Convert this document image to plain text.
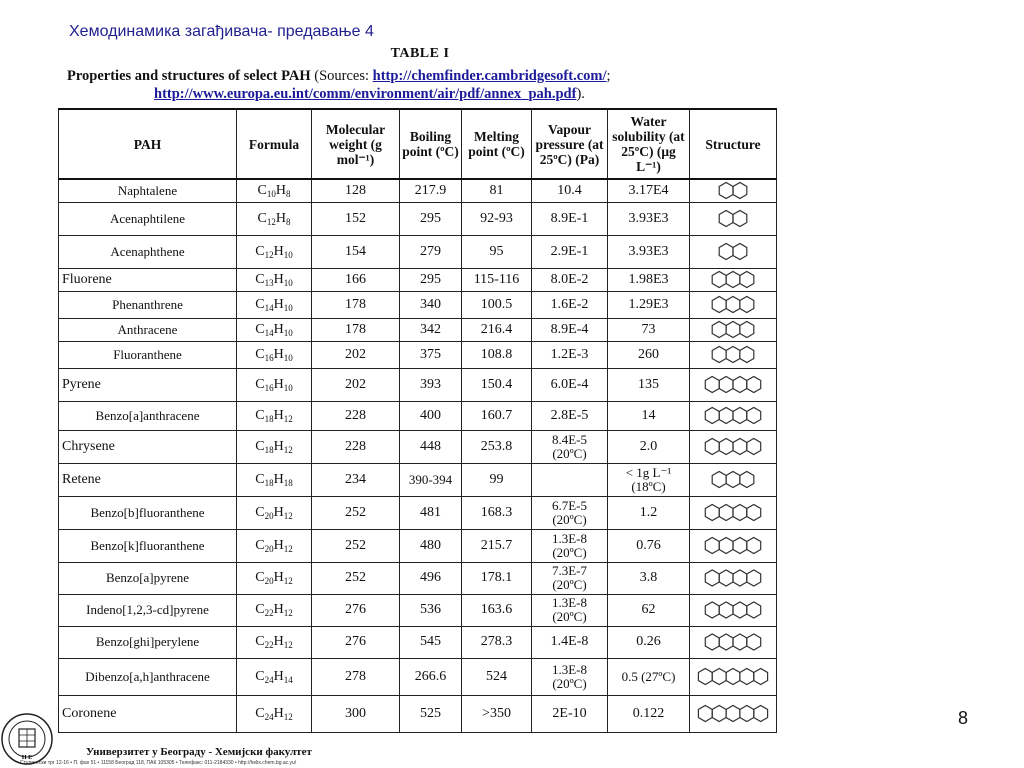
Хемодинамика загађивача- предавање 4
TABLE I
Properties and structures of select PAH (Sources: http://chemfinder.cambridgesoft.com/;
http://www.europa.eu.int/comm/environment/air/pdf/annex_pah.pdf).
PAH	Formula	Molecular weight (g mol⁻¹)	Boiling point (ºC)	Melting point (ºC)	Vapour pressure (at 25ºC) (Pa)	Water solubility (at 25ºC) (μg L⁻¹)	Structure
Naphtalene	$C_{10}H_8$	128	217.9	81	10.4	3.17E4	

Acenaphtilene	$C_{12}H_8$	152	295	92-93	8.9E-1	3.93E3	

Acenaphthene	$C_{12}H_{10}$	154	279	95	2.9E-1	3.93E3	

Fluorene	$C_{13}H_{10}$	166	295	115-116	8.0E-2	1.98E3	

Phenanthrene	$C_{14}H_{10}$	178	340	100.5	1.6E-2	1.29E3	

Anthracene	$C_{14}H_{10}$	178	342	216.4	8.9E-4	73	

Fluoranthene	$C_{16}H_{10}$	202	375	108.8	1.2E-3	260	

Pyrene	$C_{16}H_{10}$	202	393	150.4	6.0E-4	135	

Benzo[a]anthracene	$C_{18}H_{12}$	228	400	160.7	2.8E-5	14	

Chrysene	$C_{18}H_{12}$	228	448	253.8	8.4E-5 (20ºC)	2.0	

Retene	$C_{18}H_{18}$	234	390-394	99		< 1g L⁻¹ (18ºC)	

Benzo[b]fluoranthene	$C_{20}H_{12}$	252	481	168.3	6.7E-5 (20ºC)	1.2	

Benzo[k]fluoranthene	$C_{20}H_{12}$	252	480	215.7	1.3E-8 (20ºC)	0.76	

Benzo[a]pyrene	$C_{20}H_{12}$	252	496	178.1	7.3E-7 (20ºC)	3.8	

Indeno[1,2,3-cd]pyrene	$C_{22}H_{12}$	276	536	163.6	1.3E-8 (20ºC)	62	

Benzo[ghi]perylene	$C_{22}H_{12}$	276	545	278.3	1.4E-8	0.26	

Dibenzo[a,h]anthracene	$C_{24}H_{14}$	278	266.6	524	1.3E-8 (20ºC)	0.5 (27ºC)	

Coronene	$C_{24}H_{12}$	300	525	>350	2E-10	0.122		8
H E	Универзитет у Београду - Хемијски факултет
Студентски трг 12-16 • П. фах 51 • 11158 Београд 118, ПАК 105305 • Телефакс: 011-2184330 • http://helix.chem.bg.ac.yu/
